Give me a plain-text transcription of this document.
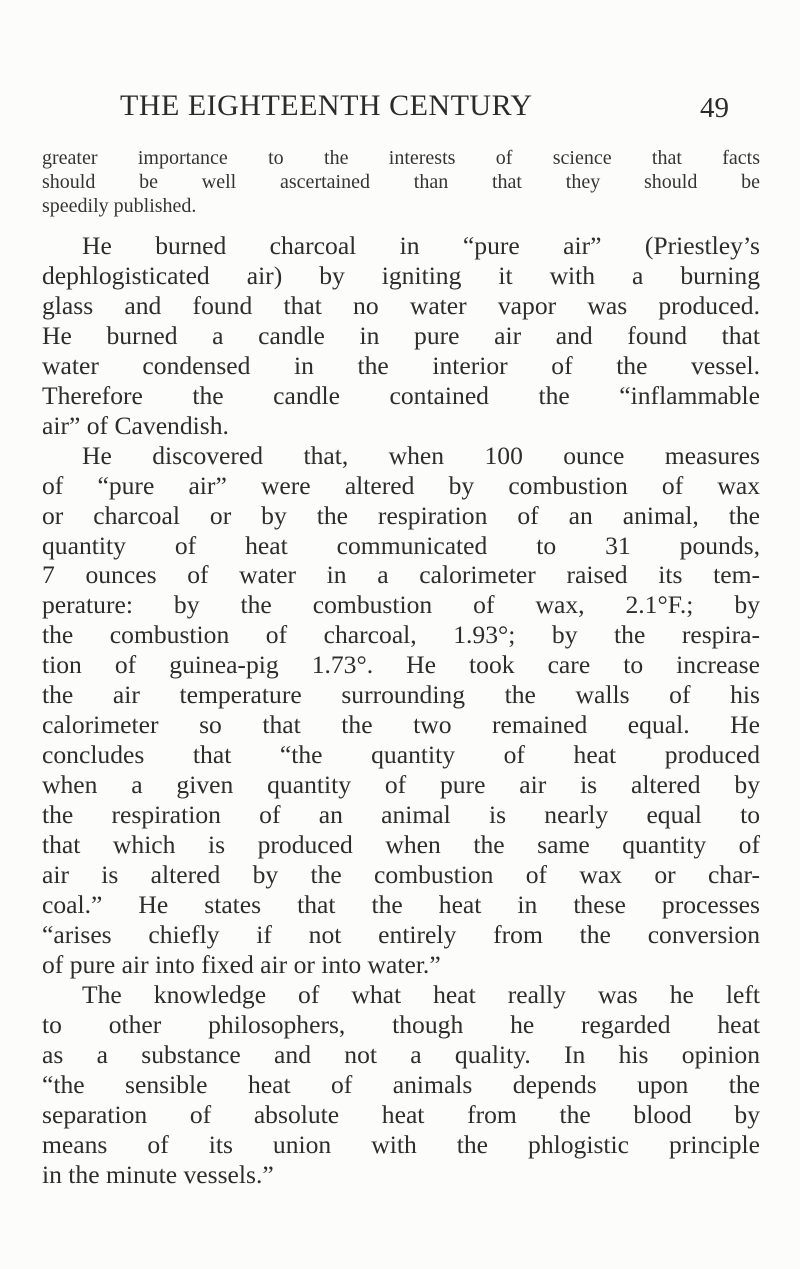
THE EIGHTEENTH CENTURY	49
greater importance to the interests of science that facts
should be well ascertained than that they should be
speedily published.
He burned charcoal in “pure air” (Priestley’s
dephlogisticated air) by igniting it with a burning
glass and found that no water vapor was produced.
He burned a candle in pure air and found that
water condensed in the interior of the vessel.
Therefore the candle contained the “inflammable
air” of Cavendish.
He discovered that, when 100 ounce measures
of “pure air” were altered by combustion of wax
or charcoal or by the respiration of an animal, the
quantity of heat communicated to 31 pounds,
7 ounces of water in a calorimeter raised its tem-
perature: by the combustion of wax, 2.1°F.; by
the combustion of charcoal, 1.93°; by the respira-
tion of guinea-pig 1.73°. He took care to increase
the air temperature surrounding the walls of his
calorimeter so that the two remained equal. He
concludes that “the quantity of heat produced
when a given quantity of pure air is altered by
the respiration of an animal is nearly equal to
that which is produced when the same quantity of
air is altered by the combustion of wax or char-
coal.” He states that the heat in these processes
“arises chiefly if not entirely from the conversion
of pure air into fixed air or into water.”
The knowledge of what heat really was he left
to other philosophers, though he regarded heat
as a substance and not a quality. In his opinion
“the sensible heat of animals depends upon the
separation of absolute heat from the blood by
means of its union with the phlogistic principle
in the minute vessels.”
